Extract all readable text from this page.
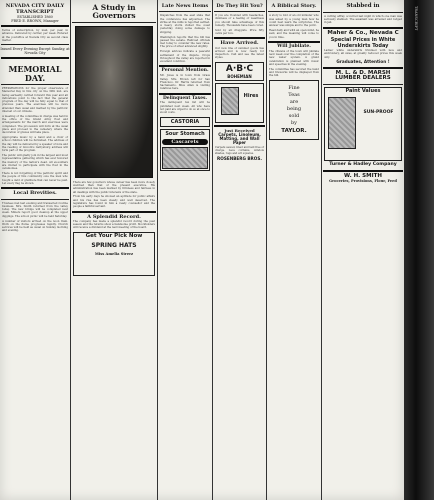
NEVADA CITY DAILY TRANSCRIPT
ESTABLISHED 1860
FRED E. BROWN, Manager

Terms of subscription, by mail, per year, in advance. Delivered by carrier, per week. Entered at the postoffice at Nevada City as second class matter.

Issued Every Evening Except Sunday, at Nevada City
MEMORIAL DAY.

PREPARATIONS for the proper observance of Memorial Day in this city on the 30th inst. are being earnestly carried forward this year and all indications point to the fact that the general program of the day will be fully equal to that of previous years. The exercises will be more attended than usual and marked by the patriotic interest of our citizens.

A meeting of the committee in charge was held in the office of the Grand Army Post and arrangements for the march and exercises were completed. The procession will form at the usual place and proceed to the cemetery where the decoration of graves will take place.

Appropriate music by a band and a choir of school children will be furnished. The address of the day will be delivered by a speaker of note and the reading of Lincoln's Gettysburg address will form part of the program.

The public will gladly join in the largest and most representative gathering which has ever honored the memory of the nation's dead. All ex-soldiers are invited to participate with the Post in the ceremonies.

There is not forgetting of the patriotic spirit and the people of this community owe the men who fought a debt of gratitude that can never be paid. Let every flag be shown.

Local Brevities.

Trustees met last evening and transacted routine business. Mrs. Smith returned from the valley today. The new bridge will be completed next week. Miners report good cleanup at the upper diggings. The school picnic will be held Saturday.

A number of visitors arrived on the noon train. Work on the flume progresses rapidly. Church services will be held as usual on Sunday morning and evening.

A Study in Governors

There are few governors whose career has been more closely watched than that of the present executive. His administration has been marked by firmness and fairness in all dealings with the public interests of the state.

From his early days he showed an aptitude for public affairs and his rise has been steady and well deserved. The legislature has found in him a ready counsellor and the people a faithful servant.

A Splendid Record.

The company has made a splendid record during the past season and the returns show a handsome profit. Stockholders will receive a dividend at the next meeting of the board.

Get Your Pick Now
SPRING HATS
Miss Amelia Strerz
Late News Items

Dispatches from the east state that the conference has adjourned. The strike at the mills is reported settled. A heavy storm visited the coast yesterday doing some damage to shipping.

Washington reports that the bill has passed the senate. Railroad officials met today to consider the new rates. The price of silver advanced slightly.

Foreign advices indicate a peaceful settlement of the dispute. Crops throughout the valley are reported in excellent condition.

Personal Mention.

Mr. Jones is in town from Grass Valley. Mrs. Brown left for San Francisco. Dr. Harris returned from Sacramento. Miss Allen is visiting relatives here.

Delinquent Taxes.

The delinquent tax list will be published next week. All who have not paid are urged to do so at once to avoid costs.

CASTORIA
Sour Stomach
Cascarets
Do They Hit You?

If you are troubled with headaches, dizziness or a feeling of weariness you should take advantage of this remedy. Thousands have been cured.

Sold by all druggists. Price fifty cents per box.

Have Arrived.

Our new line of summer goods has arrived and is now ready for inspection. Call and see the latest styles.

A·B·C
BOHEMIAN
Hires
Just Received
Carpets, Linoleum, Matting, and Wall Paper

Carpets sewed, lined and laid free of charge. Lace curtains, window shades, rugs and art squares.

ROSENBERG BROS.
A Biblical Story.

A story is told of an old minister who was asked by a young man how he could best learn the scriptures. The answer was simple and to the point.

Read daily and with an open mind, he said, and the meaning will come to you in time.

Will Jubilate.

The citizens of the town will jubilate next week over the completion of the new water system. A grand celebration is planned with music and speeches in the evening.

The committee has secured the band and fireworks will be displayed from the hill.

Fine
Teas
are
being
sold
by
TAYLOR.
Stabbed in

A cutting affray occurred last night in which one man was seriously stabbed. The assailant was arrested and lodged in jail.

Maher & Co., Nevada C
Special Prices in White Underskirts Today

Ladies' white underskirts trimmed with lace and embroidery, all sizes, at greatly reduced prices this week only.

Graduates, Attention !
M. L. & D. MARSH
LUMBER DEALERS
Paint Values
SUN-PROOF
Turner & Hadley Company
W. H. SMITH
Groceries, Provisions, Flour, Feed
TRANSCRIPT
